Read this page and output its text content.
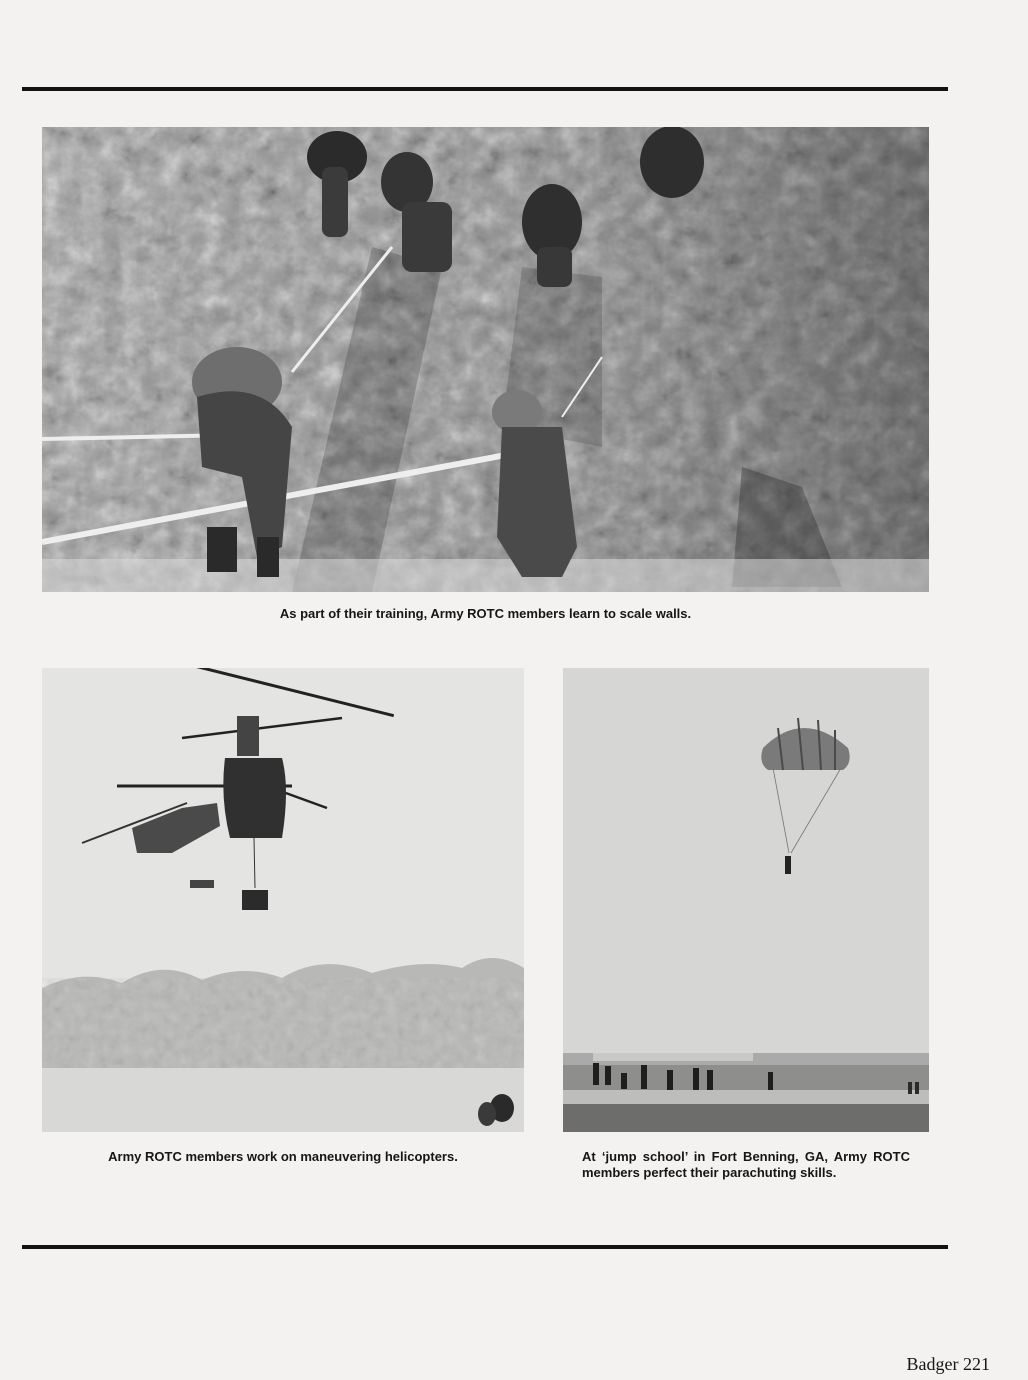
As part of their training, Army ROTC members learn to scale walls.
Army ROTC members work on maneuvering helicopters.	At ‘jump school’ in Fort Benning, GA, Army ROTC members perfect their parachuting skills.
Badger 221
